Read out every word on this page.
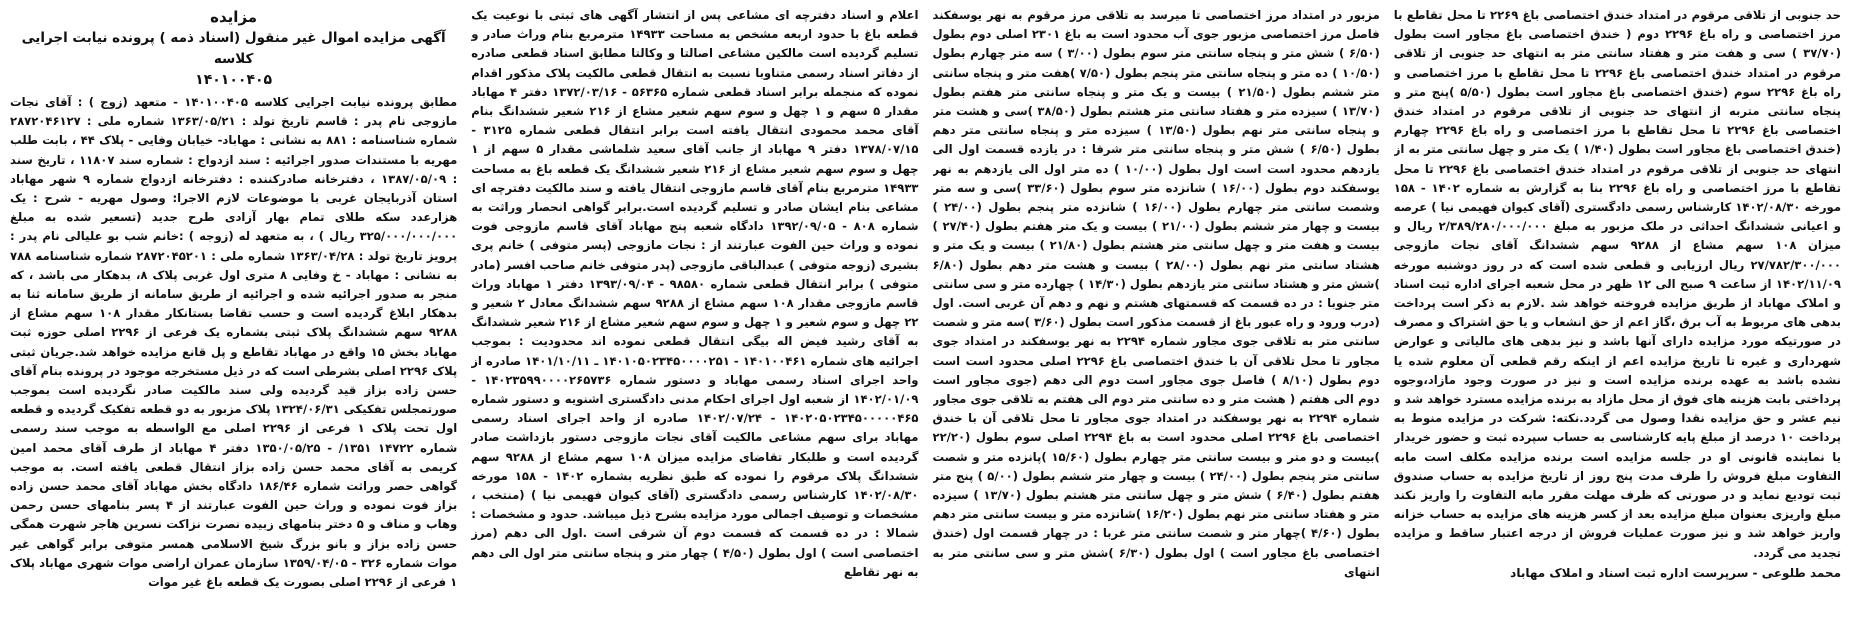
مزایده
آگهی مزایده اموال غیر منقول (اسناد ذمه ) پرونده نیابت اجرایی کلاسه
۱۴۰۱۰۰۴۰۵

مطابق پرونده نیابت اجرایی کلاسه ۱۴۰۱۰۰۴۰۵ - متعهد (زوج ) : آقای نجات مازوجی نام پدر : قاسم تاریخ تولد : ۱۳۶۳/۰۵/۲۱ شماره ملی : ۲۸۷۲۰۴۶۱۲۷ شماره شناسنامه : ۸۸۱ به نشانی : مهاباد- خیابان وفایی - پلاک ۴۴ ، بابت طلب مهریه با مستندات صدور اجرائیه : سند ازدواج : شماره سند ۱۱۸۰۷ ، تاریخ سند : ۱۳۸۷/۰۵/۰۹ ، دفترخانه صادرکننده : دفترخانه ازدواج شماره ۹ شهر مهاباد استان آذربایجان غربی با موضوعات لازم الاجرا: وصول مهریه - شرح : یک هزارعدد سکه طلای تمام بهار آزادی طرح جدید (تسعیر شده به مبلغ ۳۲۵/۰۰۰/۰۰۰/۰۰۰ ریال ) ، به متعهد له (زوجه ) :خانم شب بو علیالی نام پدر : پرویز تاریخ تولد : ۱۳۶۳/۰۴/۲۸ شماره ملی : ۲۸۷۲۰۴۵۲۰۱ شماره شناسنامه ۷۸۸ به نشانی : مهاباد - خ وفایی ۸ متری اول غربی پلاک ۸، بدهکار می باشد ، که منجر به صدور اجرائیه شده و اجرائیه از طریق سامانه از طریق سامانه ثنا به بدهکار ابلاغ گردیده است و حسب تقاضا بستانکار مقدار ۱۰۸ سهم مشاع از ۹۲۸۸ سهم ششدانگ پلاک ثبتی بشماره یک فرعی از ۲۲۹۶ اصلی حوزه ثبت مهاباد بخش ۱۵ واقع در مهاباد تقاطع و پل قانع مزایده خواهد شد.جریان ثبتی پلاک ۲۲۹۶ اصلی بشرطی است که در ذیل مستخرجه موجود در پرونده بنام آقای حسن زاده بزاز قید گردیده ولی سند مالکیت صادر نگردیده است بموجب صورتمجلس تفکیکی ۱۳۲۴/۰۶/۳۱ پلاک مزبور به دو قطعه تفکیک گردیده و قطعه اول تحت پلاک ۱ فرعی از ۲۲۹۶ اصلی مع الواسطه به موجب سند رسمی شماره ۱۴۷۲۲ ۱۳۵۱/ - ۱۳۵۰/۰۵/۲۵ دفتر ۴ مهاباد از طرف آقای محمد امین کریمی به آقای محمد حسن زاده بزاز انتقال قطعی یافته است. به موجب گواهی حصر وراثت شماره ۱۸۶/۴۶ دادگاه بخش مهاباد آقای محمد حسن زاده بزاز فوت نموده و وراث حین الفوت عبارتند از ۴ پسر بنامهای حسن رحمن وهاب و مناف و ۵ دختر بنامهای زبیده نصرت نزاکت نسرین هاجر شهرت همگی حسن زاده بزاز و بانو بزرگ شیخ الاسلامی همسر متوفی برابر گواهی غیر موات شماره ۳۲۶ - ۱۳۵۹/۰۴/۰۵ سازمان عمران اراضی موات شهری مهاباد پلاک ۱ فرعی از ۲۲۹۶ اصلی بصورت یک قطعه باغ غیر موات

اعلام و اسناد دفترچه ای مشاعی پس از انتشار آگهی های ثبتی با نوعیت یک قطعه باغ با حدود اربعه مشخص به مساحت ۱۴۹۳۳ مترمربع بنام وراث صادر و تسلیم گردیده است مالکین مشاعی اصالتا و وکالتا مطابق اسناد قطعی صادره از دفاتر اسناد رسمی متناوبا نسبت به انتقال قطعی مالکیت پلاک مذکور اقدام نموده که منجمله برابر اسناد قطعی شماره ۵۶۳۶۵ - ۱۳۷۲/۰۳/۱۶ دفتر ۴ مهاباد مقدار ۵ سهم و ۱ چهل و سوم سهم شعیر مشاع از ۲۱۶ شعیر ششدانگ بنام آقای محمد محمودی انتقال یافته است برابر انتقال قطعی شماره ۳۱۲۵ - ۱۳۷۸/۰۷/۱۵ دفتر ۹ مهاباد از جانب آقای سعید شلماشی مقدار ۵ سهم از ۱ چهل و سوم سهم شعیر مشاع از ۲۱۶ شعیر ششدانگ یک قطعه باغ به مساحت ۱۴۹۳۳ مترمربع بنام آقای قاسم مازوجی انتقال یافته و سند مالکیت دفترچه ای مشاعی بنام ایشان صادر و تسلیم گردیده است.برابر گواهی انحصار وراثت به شماره ۸۰۸ - ۱۳۹۲/۰۹/۰۵ دادگاه شعبه پنج مهاباد آقای قاسم مازوجی فوت نموده و وراث حین الفوت عبارتند از : نجات مازوجی (پسر متوفی ) خانم پری بشیری (زوجه متوفی ) عبدالباقی مازوجی (پدر متوفی خانم صاحب افسر (مادر متوفی ) برابر انتقال قطعی شماره ۹۸۵۸۰ - ۱۳۹۳/۰۹/۰۴ دفتر ۱ مهاباد وراث قاسم مازوجی مقدار ۱۰۸ سهم مشاع از ۹۲۸۸ سهم ششدانگ معادل ۲ شعیر و ۲۲ چهل و سوم شعیر و ۱ چهل و سوم سهم شعیر مشاع از ۲۱۶ شعیر ششدانگ به آقای رشید فیض اله بیگی انتقال قطعی نموده اند محدودیت : بموجب اجرائیه های شماره ۱۴۰۱۰۰۴۶۱ - ۱۴۰۱۰۵۰۲۳۴۵۰۰۰۰۲۵۱ ـ ۱۴۰۱/۱۰/۱۱ صادره از واحد اجرای اسناد رسمی مهاباد و دستور شماره ۱۴۰۲۳۵۹۹۰۰۰۰۲۶۵۷۳۶ - ۱۴۰۲/۰۱/۰۹ از شعبه اول اجرای احکام مدنی دادگستری اشنویه و دستور شماره ۱۴۰۲۰۵۰۲۳۴۵۰۰۰۰۰۴۶۵ - ۱۴۰۲/۰۷/۲۴ صادره از واحد اجرای اسناد رسمی مهاباد برای سهم مشاعی مالکیت آقای نجات مازوجی دستور بازداشت صادر گردیده است و طلبکار تقاضای مزایده میزان ۱۰۸ سهم مشاع از ۹۲۸۸ سهم ششدانگ پلاک مرقوم را نموده که طبق نظریه بشماره ۱۴۰۲ - ۱۵۸ مورخه ۱۴۰۲/۰۸/۳۰ کارشناس رسمی دادگستری (آقای کیوان فهیمی نیا ) (منتخب ، مشخصات و توصیف اجمالی مورد مزایده بشرح ذیل میباشد. حدود و مشخصات : شمالا : در ده قسمت که قسمت دوم آن شرقی است .اول الی دهم (مرز اختصاصی است ) اول بطول (۴/۵۰ ) چهار متر و پنجاه سانتی متر اول الی دهم به نهر تقاطع

مزبور در امتداد مرز اختصاصی تا میرسد به تلاقی مرز مرقوم به نهر یوسفکند فاصل مرز اختصاصی مزبور جوی آب محدود است به باغ ۲۳۰۱ اصلی دوم بطول (۶/۵۰ ) شش متر و پنجاه سانتی متر سوم بطول (۳/۰۰ ) سه متر چهارم بطول (۱۰/۵۰ ) ده متر و پنجاه سانتی متر پنجم بطول (۷/۵۰ )هفت متر و پنجاه سانتی متر ششم بطول (۲۱/۵۰ ) بیست و یک متر و پنجاه سانتی متر هفتم بطول (۱۳/۷۰ ) سیزده متر و هفتاد سانتی متر هشتم بطول (۳۸/۵۰ )سی و هشت متر و پنجاه سانتی متر نهم بطول (۱۳/۵۰ ) سیزده متر و پنجاه سانتی متر دهم بطول (۶/۵۰ ) شش متر و پنجاه سانتی متر شرقا : در یازده قسمت اول الی یازدهم محدود است است اول بطول (۱۰/۰۰ ) ده متر اول الی یازدهم به نهر یوسفکند دوم بطول (۱۶/۰۰ ) شانزده متر سوم بطول (۳۳/۶۰ )سی و سه متر وشصت سانتی متر چهارم بطول (۱۶/۰۰ ) شانزده متر پنجم بطول (۲۴/۰۰ ) بیست و چهار متر ششم بطول (۲۱/۰۰ ) بیست و یک متر هفتم بطول (۲۷/۴۰ ) بیست و هفت متر و چهل سانتی متر هشتم بطول (۲۱/۸۰ ) بیست و یک متر و هشتاد سانتی متر نهم بطول (۲۸/۰۰ ) بیست و هشت متر دهم بطول (۶/۸۰ )شش متر و هشتاد سانتی متر یازدهم بطول (۱۴/۳۰ ) چهارده متر و سی سانتی متر جنوبا : در ده قسمت که قسمتهای هشتم و نهم و دهم آن غربی است. اول (درب ورود و راه عبور باغ از قسمت مذکور است بطول (۳/۶۰ )سه متر و شصت سانتی متر به تلاقی جوی مجاور شماره ۲۲۹۴ به نهر یوسفکند در امتداد جوی مجاور تا محل تلاقی آن با خندق اختصاصی باغ ۲۲۹۶ اصلی محدود است است دوم بطول (۸/۱۰ ) فاصل جوی مجاور است دوم الی دهم (جوی مجاور است دوم الی هفتم ( هشت متر و ده سانتی متر دوم الی هفتم به تلاقی جوی مجاور شماره ۲۲۹۴ به نهر یوسفکند در امتداد جوی مجاور تا محل تلاقی آن با خندق اختصاصی باغ ۲۲۹۶ اصلی محدود است به باغ ۲۲۹۴ اصلی سوم بطول (۲۲/۲۰ )بیست و دو متر و بیست سانتی متر چهارم بطول (۱۵/۶۰ )پانزده متر و شصت سانتی متر پنجم بطول (۲۴/۰۰ ) بیست و چهار متر ششم بطول (۵/۰۰ ) پنج متر هفتم بطول (۶/۴۰ ) شش متر و چهل سانتی متر هشتم بطول (۱۳/۷۰ ) سیزده متر و هفتاد سانتی متر نهم بطول (۱۶/۲۰ )شانزده متر و بیست سانتی متر دهم بطول (۴/۶۰ )چهار متر و شصت سانتی متر غربا : در چهار قسمت اول (خندق اختصاصی باغ مجاور است ) اول بطول (۶/۳۰ )شش متر و سی سانتی متر به انتهای

حد جنوبی از تلاقی مرقوم در امتداد خندق اختصاصی باغ ۲۲۶۹ تا محل تقاطع با مرز اختصاصی و راه باغ ۲۲۹۶ دوم ( خندق اختصاصی باغ مجاور است بطول (۳۷/۷۰ ) سی و هفت متر و هفتاد سانتی متر به انتهای حد جنوبی از تلاقی مرقوم در امتداد خندق اختصاصی باغ ۲۲۹۶ تا محل تقاطع با مرز اختصاصی و راه باغ ۲۲۹۶ سوم (خندق اختصاصی باغ مجاور است بطول (۵/۵۰ )پنج متر و پنجاه سانتی متربه از انتهای حد جنوبی از تلاقی مرقوم در امتداد خندق اختصاصی باغ ۲۲۹۶ تا محل تقاطع با مرز اختصاصی و راه باغ ۲۲۹۶ چهارم (خندق اختصاصی باغ مجاور است بطول (۱/۴۰ ) یک متر و چهل سانتی متر به از انتهای حد جنوبی از تلاقی مرقوم در امتداد خندق اختصاصی باغ ۲۲۹۶ تا محل تقاطع با مرز اختصاصی و راه باغ ۲۲۹۶ بنا به گزارش به شماره ۱۴۰۲ - ۱۵۸ مورخه ۱۴۰۲/۰۸/۳۰ کارشناس رسمی دادگستری (آقای کیوان فهیمی نیا ) عرصه و اعیانی ششدانگ احداثی در ملک مزبور به مبلغ ۲/۳۸۹/۲۸۰/۰۰۰/۰۰۰ ریال و میزان ۱۰۸ سهم مشاع از ۹۲۸۸ سهم ششدانگ آقای نجات مازوجی ۲۷/۷۸۲/۳۰۰/۰۰۰ ریال ارزیابی و قطعی شده است که در روز دوشنبه مورخه ۱۴۰۲/۱۱/۰۹ از ساعت ۹ صبح الی ۱۲ ظهر در محل شعبه اجرای اداره ثبت اسناد و املاک مهاباد از طریق مزایده فروخته خواهد شد .لازم به ذکر است پرداخت بدهی های مربوط به آب برق ،گاز اعم از حق انشعاب و یا حق اشتراک و مصرف در صورتیکه مورد مزایده دارای آنها باشد و نیز بدهی های مالیاتی و عوارض شهرداری و غیره تا تاریخ مزایده اعم از اینکه رقم قطعی آن معلوم شده یا نشده باشد به عهده برنده مزایده است و نیز در صورت وجود مازاد،وجوه پرداختی بابت هزینه های فوق از محل مازاد به برنده مزایده مسترد خواهد شد و نیم عشر و حق مزایده نقدا وصول می گردد.نکته: شرکت در مزایده منوط به پرداخت ۱۰ درصد از مبلغ پایه کارشناسی به حساب سپرده ثبت و حضور خریدار یا نماینده قانونی او در جلسه مزایده است برنده مزایده مکلف است مابه التفاوت مبلغ فروش را ظرف مدت پنج روز از تاریخ مزایده به حساب صندوق ثبت تودیع نماید و در صورتی که ظرف مهلت مقرر مابه التفاوت را واریز نکند مبلغ واریزی بعنوان مبلغ مزایده بعد از کسر هزینه های مزایده به حساب خزانه واریز خواهد شد و نیز صورت عملیات فروش از درجه اعتبار ساقط و مزایده تجدید می گردد.

محمد طلوعی - سرپرست اداره ثبت اسناد و املاک مهاباد
